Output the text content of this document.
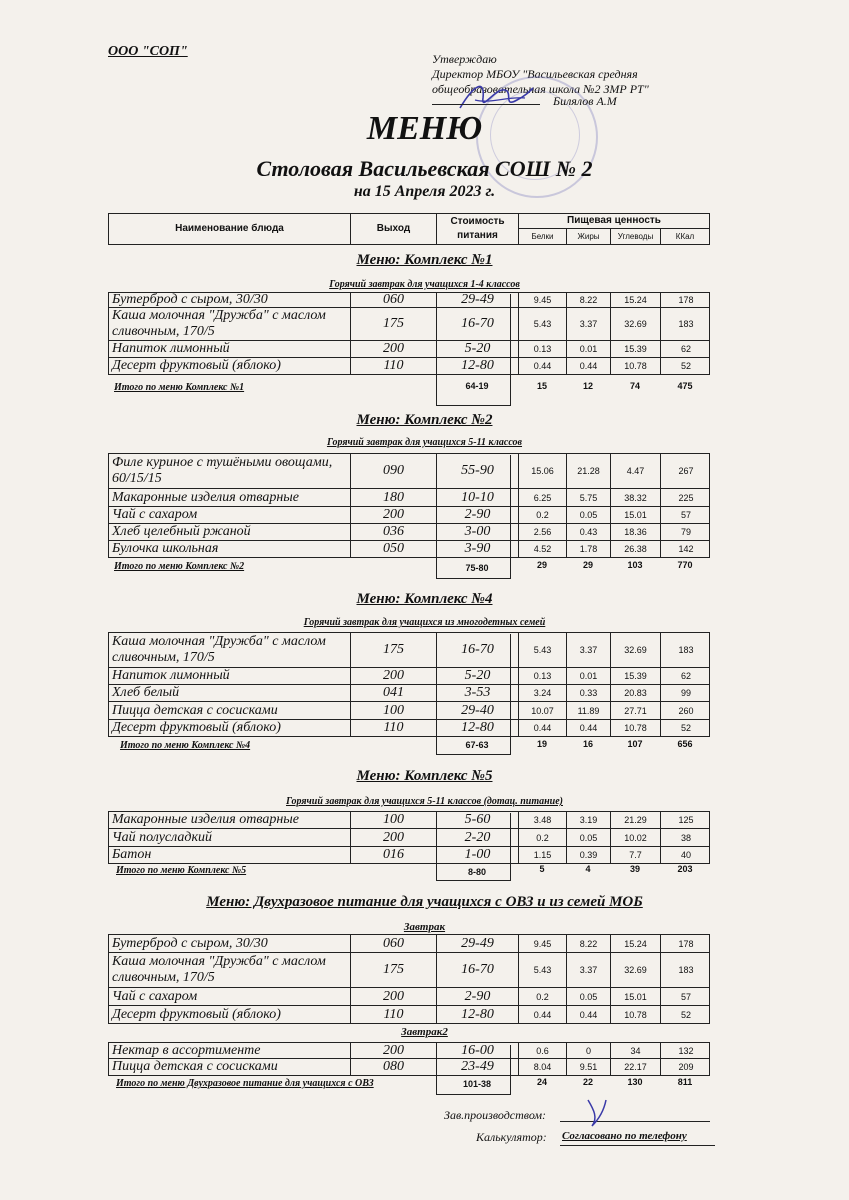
ООО "СОП"	Утверждаю
Директор МБОУ "Васильевская средняя
общеобразовательная школа №2 ЗМР РТ"
Билялов А.М
МЕНЮ
Столовая Васильевская СОШ № 2
на 15 Апреля 2023 г.
Наименование блюда	Выход
Стоимость
питания
Пищевая ценность
Белки	Жиры	Углеводы	ККал
Меню: Комплекс №1
Горячий завтрак для учащихся 1-4 классов
Бутерброд с сыром, 30/30	060	29-49	9.45	8.22	15.24	178
Каша молочная "Дружба" с маслом сливочным, 170/5
175	16-70	5.43	3.37	32.69	183
Напиток лимонный	200	5-20	0.13	0.01	15.39	62
Десерт фруктовый (яблоко)	110	12-80	0.44	0.44	10.78	52
Итого по меню Комплекс №1	64-19	15	12	74	475
Меню: Комплекс №2
Горячий завтрак для учащихся 5-11 классов
Филе куриное с тушёными овощами, 60/15/15
090	55-90	15.06	21.28	4.47	267
Макаронные изделия отварные	180	10-10	6.25	5.75	38.32	225
Чай с сахаром	200	2-90	0.2	0.05	15.01	57
Хлеб целебный ржаной	036	3-00	2.56	0.43	18.36	79
Булочка школьная	050	3-90	4.52	1.78	26.38	142
Итого по меню Комплекс №2	75-80	29	29	103	770
Меню: Комплекс №4
Горячий завтрак для учащихся из многодетных семей
Каша молочная "Дружба" с маслом сливочным, 170/5
175	16-70	5.43	3.37	32.69	183
Напиток лимонный	200	5-20	0.13	0.01	15.39	62
Хлеб белый	041	3-53	3.24	0.33	20.83	99
Пицца детская с сосисками	100	29-40	10.07	11.89	27.71	260
Десерт фруктовый (яблоко)	110	12-80	0.44	0.44	10.78	52
Итого по меню Комплекс №4	67-63	19	16	107	656
Меню: Комплекс №5
Горячий завтрак для учащихся 5-11 классов (дотац. питание)
Макаронные изделия отварные	100	5-60	3.48	3.19	21.29	125
Чай полусладкий	200	2-20	0.2	0.05	10.02	38
Батон	016	1-00	1.15	0.39	7.7	40
Итого по меню Комплекс №5	8-80	5	4	39	203
Меню: Двухразовое питание для учащихся с ОВЗ и из семей МОБ
Завтрак
Бутерброд с сыром, 30/30	060	29-49	9.45	8.22	15.24	178
Каша молочная "Дружба" с маслом сливочным, 170/5
175	16-70	5.43	3.37	32.69	183
Чай с сахаром	200	2-90	0.2	0.05	15.01	57
Десерт фруктовый (яблоко)	110	12-80	0.44	0.44	10.78	52
Завтрак2
Нектар в ассортименте	200	16-00	0.6	0	34	132
Пицца детская с сосисками	080	23-49	8.04	9.51	22.17	209
Итого по меню Двухразовое питание для учащихся с ОВЗ	101-38	24	22	130	811
Зав.производством:
Калькулятор: Согласовано по телефону
